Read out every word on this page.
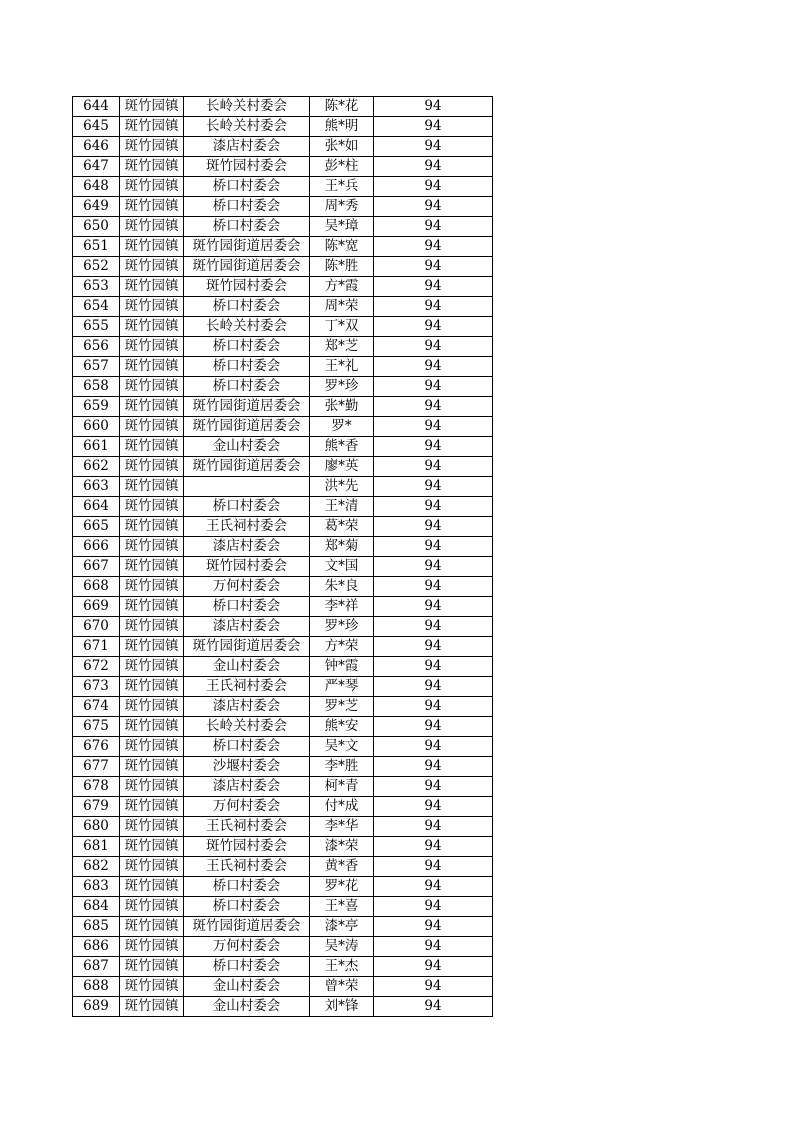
644	斑竹园镇	长岭关村委会	陈*花	94
645	斑竹园镇	长岭关村委会	熊*明	94
646	斑竹园镇	漆店村委会	张*如	94
647	斑竹园镇	斑竹园村委会	彭*柱	94
648	斑竹园镇	桥口村委会	王*兵	94
649	斑竹园镇	桥口村委会	周*秀	94
650	斑竹园镇	桥口村委会	吴*璋	94
651	斑竹园镇	斑竹园街道居委会	陈*宽	94
652	斑竹园镇	斑竹园街道居委会	陈*胜	94
653	斑竹园镇	斑竹园村委会	方*霞	94
654	斑竹园镇	桥口村委会	周*荣	94
655	斑竹园镇	长岭关村委会	丁*双	94
656	斑竹园镇	桥口村委会	郑*芝	94
657	斑竹园镇	桥口村委会	王*礼	94
658	斑竹园镇	桥口村委会	罗*珍	94
659	斑竹园镇	斑竹园街道居委会	张*勤	94
660	斑竹园镇	斑竹园街道居委会	罗*	94
661	斑竹园镇	金山村委会	熊*香	94
662	斑竹园镇	斑竹园街道居委会	廖*英	94
663	斑竹园镇		洪*先	94
664	斑竹园镇	桥口村委会	王*清	94
665	斑竹园镇	王氏祠村委会	葛*荣	94
666	斑竹园镇	漆店村委会	郑*菊	94
667	斑竹园镇	斑竹园村委会	文*国	94
668	斑竹园镇	万何村委会	朱*良	94
669	斑竹园镇	桥口村委会	李*祥	94
670	斑竹园镇	漆店村委会	罗*珍	94
671	斑竹园镇	斑竹园街道居委会	方*荣	94
672	斑竹园镇	金山村委会	钟*霞	94
673	斑竹园镇	王氏祠村委会	严*琴	94
674	斑竹园镇	漆店村委会	罗*芝	94
675	斑竹园镇	长岭关村委会	熊*安	94
676	斑竹园镇	桥口村委会	吴*文	94
677	斑竹园镇	沙堰村委会	李*胜	94
678	斑竹园镇	漆店村委会	柯*青	94
679	斑竹园镇	万何村委会	付*成	94
680	斑竹园镇	王氏祠村委会	李*华	94
681	斑竹园镇	斑竹园村委会	漆*荣	94
682	斑竹园镇	王氏祠村委会	黄*香	94
683	斑竹园镇	桥口村委会	罗*花	94
684	斑竹园镇	桥口村委会	王*喜	94
685	斑竹园镇	斑竹园街道居委会	漆*亭	94
686	斑竹园镇	万何村委会	吴*涛	94
687	斑竹园镇	桥口村委会	王*杰	94
688	斑竹园镇	金山村委会	曾*荣	94
689	斑竹园镇	金山村委会	刘*锋	94
